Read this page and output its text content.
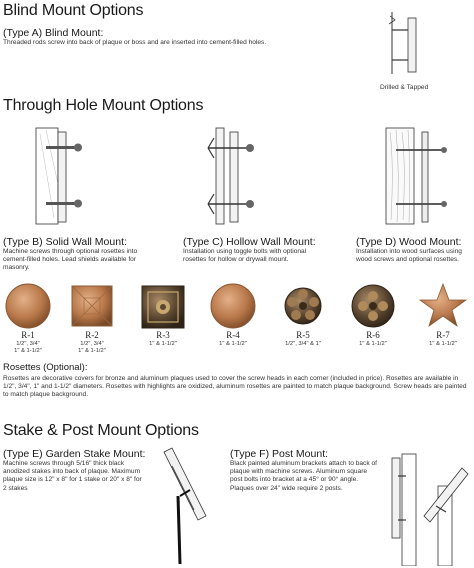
Blind Mount Options
(Type A) Blind Mount:
Threaded rods screw into back of plaque or boss and are inserted into cement-filled holes.
Drilled & Tapped
Through Hole Mount Options
(Type B) Solid Wall Mount:
Machine screws through optional rosettes into cement-filled holes. Lead shields available for masonry.
(Type C) Hollow Wall Mount:
Installation using toggle bolts with optional rosettes for hollow or drywall mount.
(Type D) Wood Mount:
Installation into wood surfaces using wood screws and optional rosettes.
R-1
1/2", 3/4"
1" & 1-1/2"
R-2
1/2", 3/4"
1" & 1-1/2"
R-3
1" & 1-1/2"
R-4
1" & 1-1/2"
R-5
1/2", 3/4" & 1"
R-6
1" & 1-1/2"
R-7
1" & 1-1/2"
Rosettes (Optional):
Rosettes are decorative covers for bronze and aluminum plaques used to cover the screw heads in each corner (included in price). Rosettes are available in 1/2", 3/4", 1" and 1-1/2" diameters. Rosettes with highlights are oxidized, aluminum rosettes are painted to match plaque background. Screw heads are painted to match plaque background.
Stake & Post Mount Options
(Type E) Garden Stake Mount:
Machine screws through 5/16" thick black anodized stakes into back of plaque. Maximum plaque size is 12" x 8" for 1 stake or 20" x 8" for 2 stakes
(Type F) Post Mount:
Black painted aluminum brackets attach to back of plaque with machine screws. Aluminum square post bolts into bracket at a 45° or 90° angle. Plaques over 24" wide require 2 posts.
